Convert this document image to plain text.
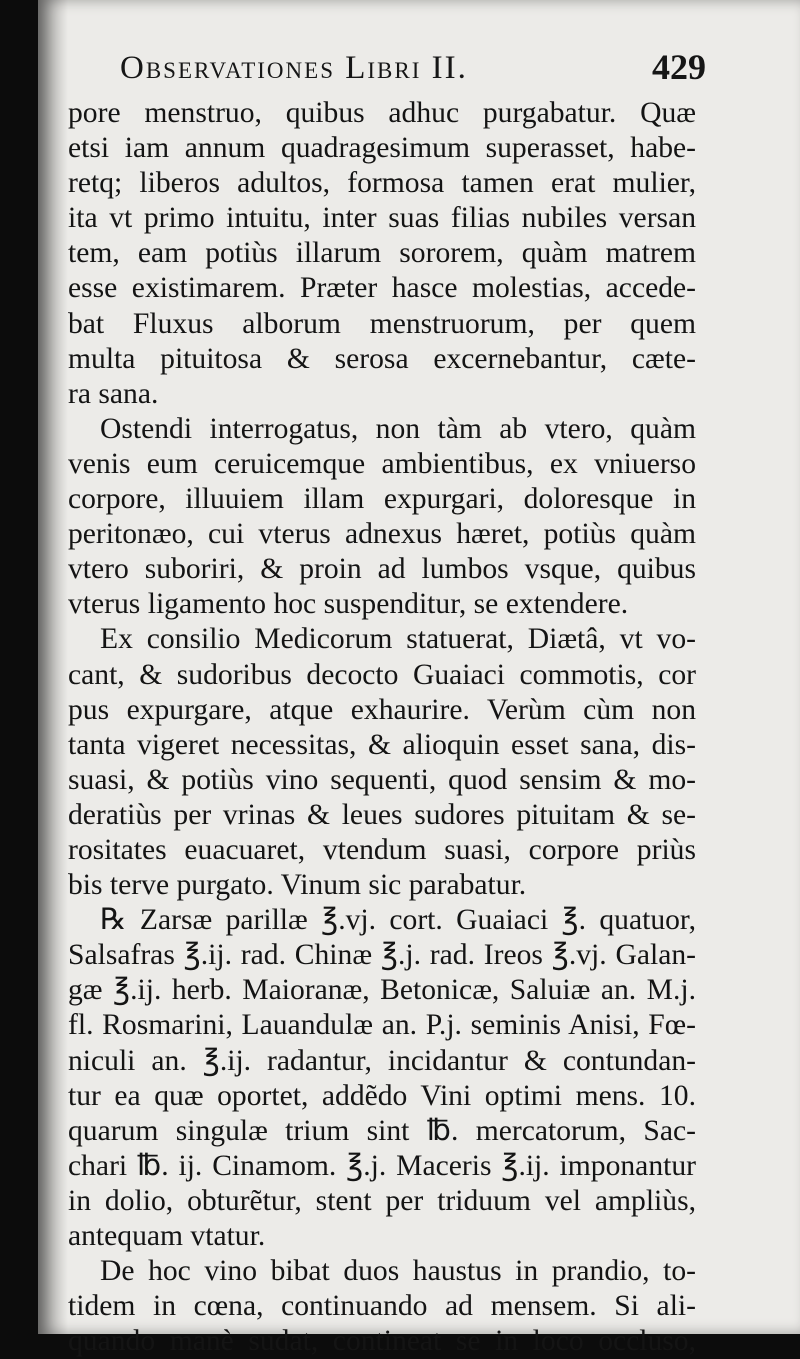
Observationes Libri II.	429
pore menstruo, quibus adhuc purgabatur. Quæ
etsi iam annum quadragesimum superasset, habe-
retq; liberos adultos, formosa tamen erat mulier,
ita vt primo intuitu, inter suas filias nubiles versan
tem, eam potiùs illarum sororem, quàm matrem
esse existimarem. Præter hasce molestias, accede-
bat Fluxus alborum menstruorum, per quem
multa pituitosa & serosa excernebantur, cæte-
ra sana.
Ostendi interrogatus, non tàm ab vtero, quàm
venis eum ceruicemque ambientibus, ex vniuerso
corpore, illuuiem illam expurgari, doloresque in
peritonæo, cui vterus adnexus hæret, potiùs quàm
vtero suboriri, & proin ad lumbos vsque, quibus
vterus ligamento hoc suspenditur, se extendere.
Ex consilio Medicorum statuerat, Diætâ, vt vo-
cant, & sudoribus decocto Guaiaci commotis, cor
pus expurgare, atque exhaurire. Verùm cùm non
tanta vigeret necessitas, & alioquin esset sana, dis-
suasi, & potiùs vino sequenti, quod sensim & mo-
deratiùs per vrinas & leues sudores pituitam & se-
rositates euacuaret, vtendum suasi, corpore priùs
bis terve purgato. Vinum sic parabatur.
℞ Zarsæ parillæ ℥.vj. cort. Guaiaci ℥. quatuor,
Salsafras ℥.ij. rad. Chinæ ℥.j. rad. Ireos ℥.vj. Galan-
gæ ℥.ij. herb. Maioranæ, Betonicæ, Saluiæ an. M.j.
fl. Rosmarini, Lauandulæ an. P.j. seminis Anisi, Fœ-
niculi an. ℥.ij. radantur, incidantur & contundan-
tur ea quæ oportet, addẽdo Vini optimi mens. 10.
quarum singulæ trium sint ℔. mercatorum, Sac-
chari ℔. ij. Cinamom. ℥.j. Maceris ℥.ij. imponantur
in dolio, obturẽtur, stent per triduum vel ampliùs,
antequam vtatur.
De hoc vino bibat duos haustus in prandio, to-
tidem in cœna, continuando ad mensem. Si ali-
quando manè sudat, contineat se in loco occluso,
